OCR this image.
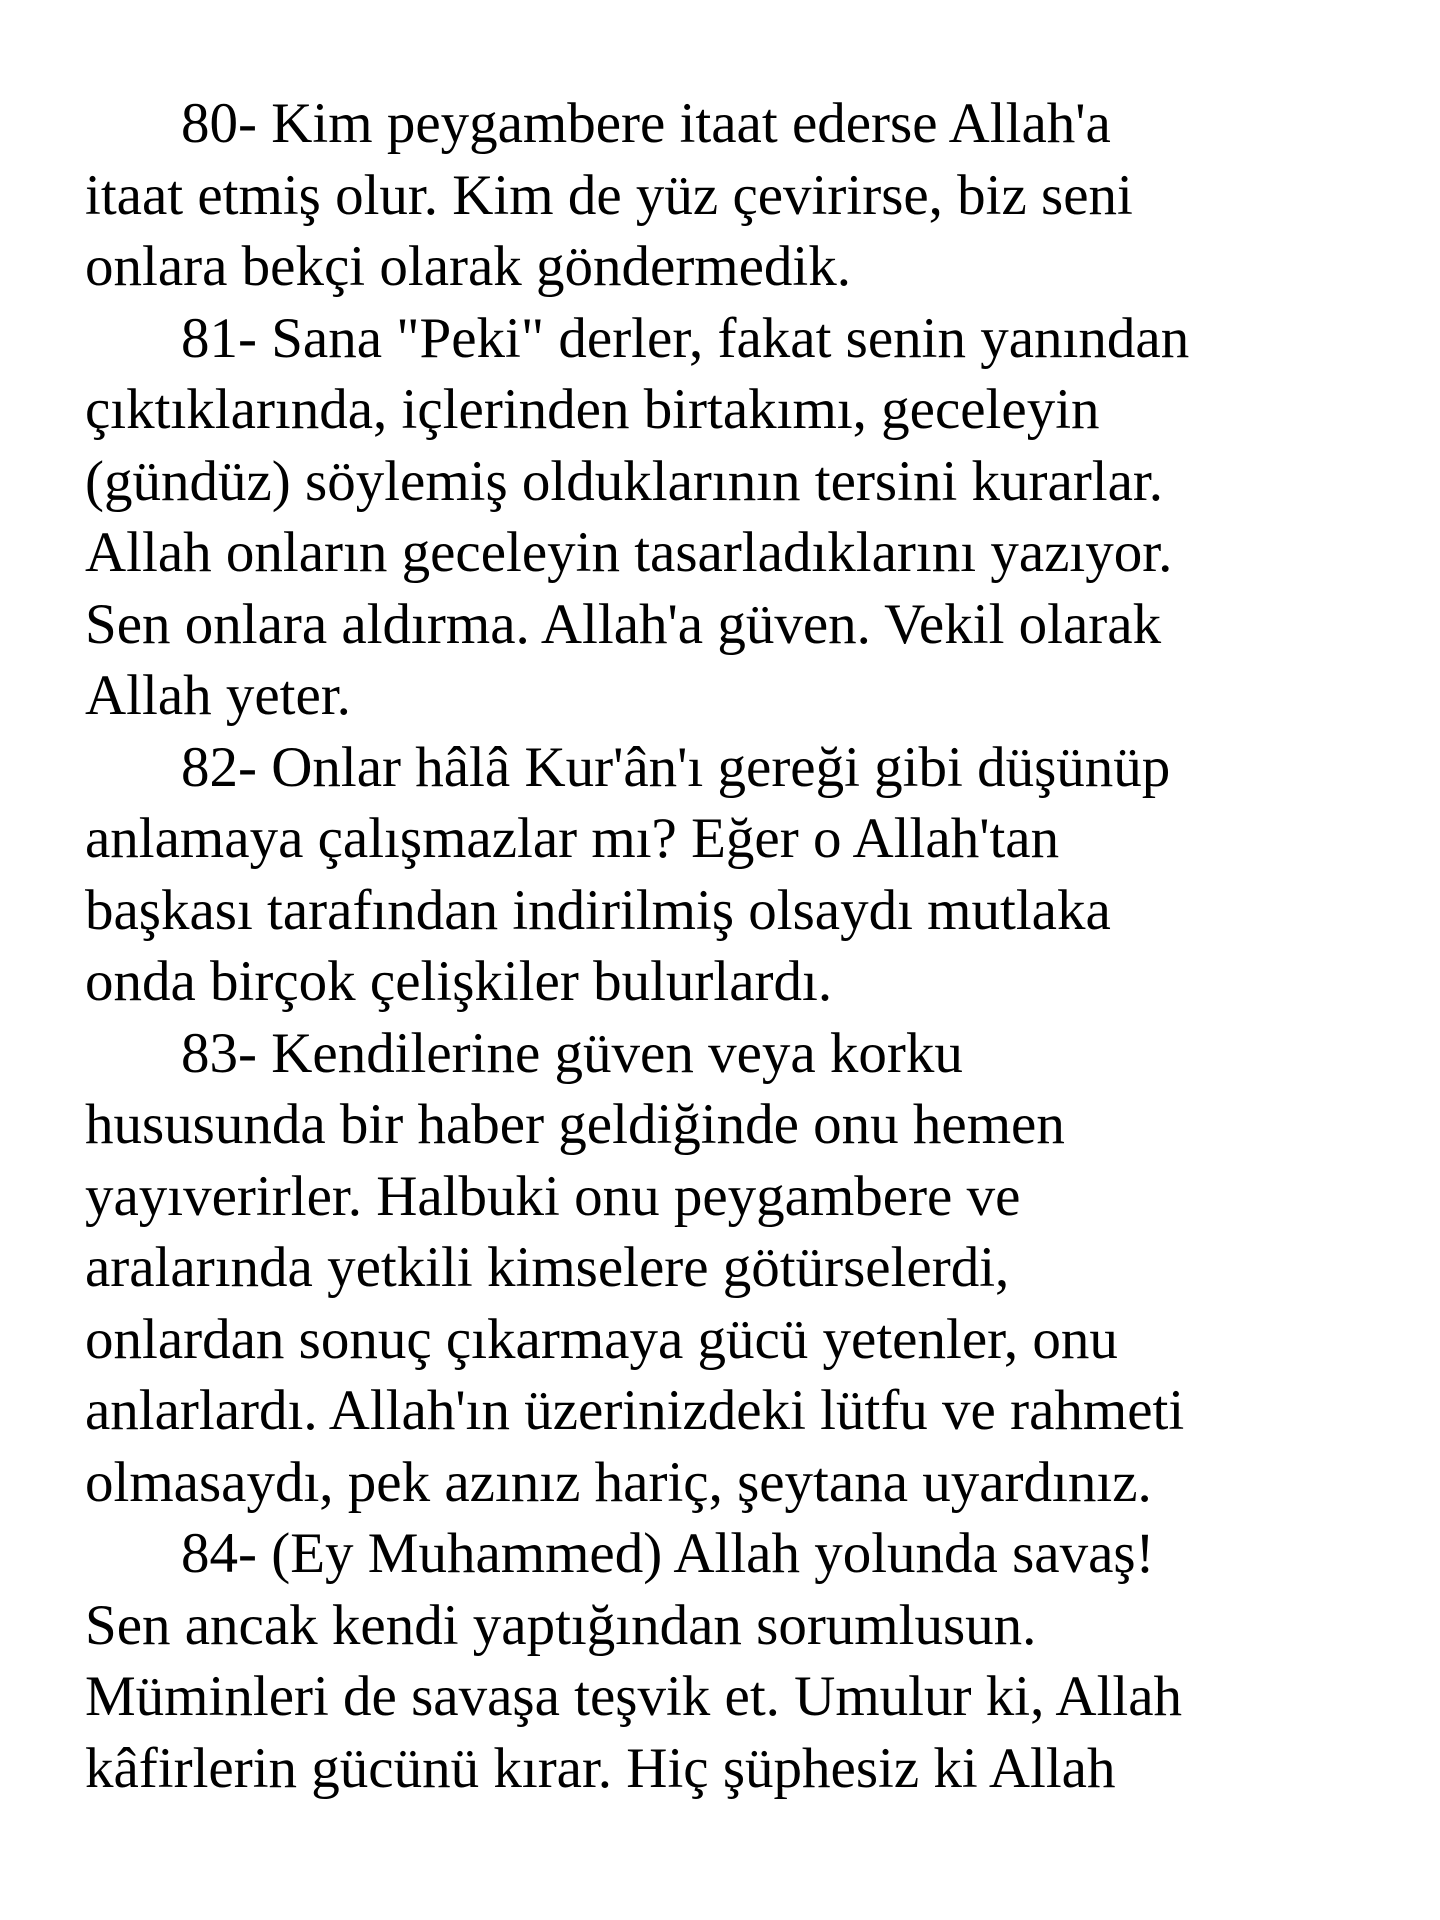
80- Kim peygambere itaat ederse Allah'a
itaat etmiş olur. Kim de yüz çevirirse, biz seni
onlara bekçi olarak göndermedik.
81- Sana "Peki" derler, fakat senin yanından
çıktıklarında, içlerinden birtakımı, geceleyin
(gündüz) söylemiş olduklarının tersini kurarlar.
Allah onların geceleyin tasarladıklarını yazıyor.
Sen onlara aldırma. Allah'a güven. Vekil olarak
Allah yeter.
82- Onlar hâlâ Kur'ân'ı gereği gibi düşünüp
anlamaya çalışmazlar mı? Eğer o Allah'tan
başkası tarafından indirilmiş olsaydı mutlaka
onda birçok çelişkiler bulurlardı.
83- Kendilerine güven veya korku
hususunda bir haber geldiğinde onu hemen
yayıverirler. Halbuki onu peygambere ve
aralarında yetkili kimselere götürselerdi,
onlardan sonuç çıkarmaya gücü yetenler, onu
anlarlardı. Allah'ın üzerinizdeki lütfu ve rahmeti
olmasaydı, pek azınız hariç, şeytana uyardınız.
84- (Ey Muhammed) Allah yolunda savaş!
Sen ancak kendi yaptığından sorumlusun.
Müminleri de savaşa teşvik et. Umulur ki, Allah
kâfirlerin gücünü kırar. Hiç şüphesiz ki Allah
